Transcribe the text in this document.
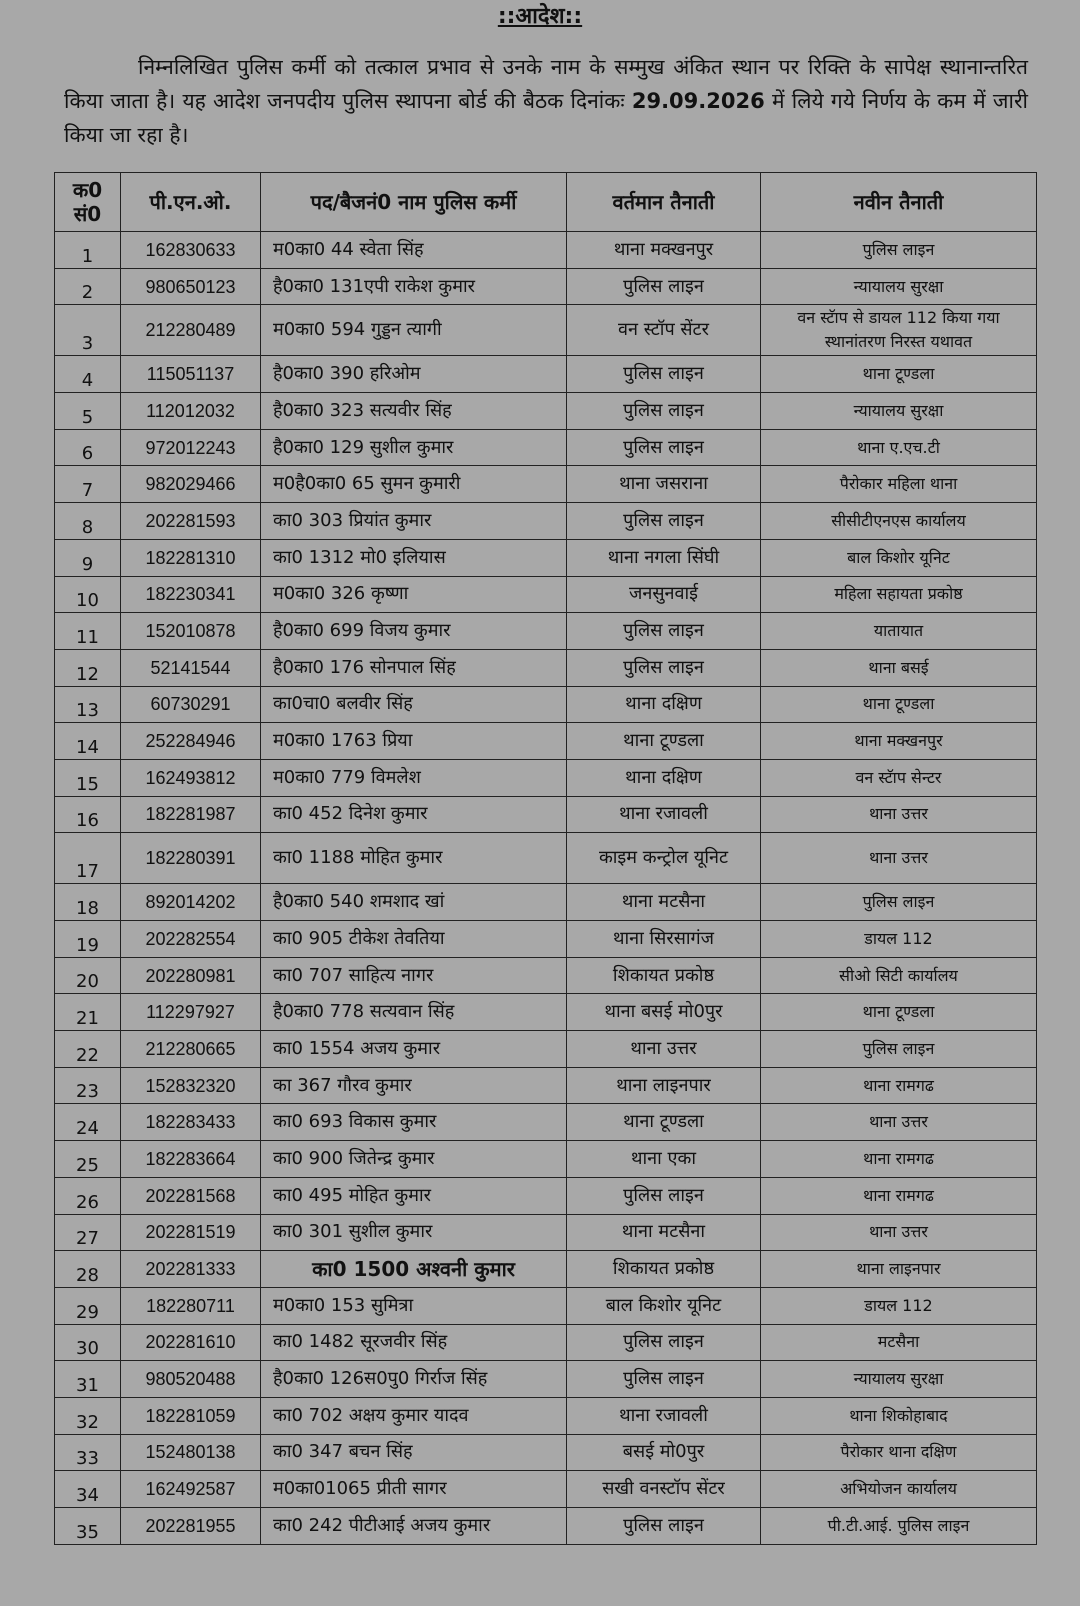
::आदेश::
निम्नलिखित पुलिस कर्मी को तत्काल प्रभाव से उनके नाम के सम्मुख अंकित स्थान पर रिक्ति के सापेक्ष स्थानान्तरित किया जाता है। यह आदेश जनपदीय पुलिस स्थापना बोर्ड की बैठक दिनांकः 29.09.2026 में लिये गये निर्णय के कम में जारी किया जा रहा है।
क0 सं0	पी.एन.ओ.	पद/बैजनं0 नाम पुलिस कर्मी	वर्तमान तैनाती	नवीन तैनाती
1	162830633	म0का0 44 स्वेता सिंह	थाना मक्खनपुर	पुलिस लाइन
2	980650123	है0का0 131एपी राकेश कुमार	पुलिस लाइन	न्यायालय सुरक्षा
3	212280489	म0का0 594 गुड्डन त्यागी	वन स्टॉप सेंटर	वन स्टॅाप से डायल 112 किया गया स्थानांतरण निरस्त यथावत
4	115051137	है0का0 390 हरिओम	पुलिस लाइन	थाना टूण्डला
5	112012032	है0का0 323 सत्यवीर सिंह	पुलिस लाइन	न्यायालय सुरक्षा
6	972012243	है0का0 129 सुशील कुमार	पुलिस लाइन	थाना ए.एच.टी
7	982029466	म0है0का0 65 सुमन कुमारी	थाना जसराना	पैरोकार महिला थाना
8	202281593	का0 303 प्रियांत कुमार	पुलिस लाइन	सीसीटीएनएस कार्यालय
9	182281310	का0 1312 मो0 इलियास	थाना नगला सिंघी	बाल किशोर यूनिट
10	182230341	म0का0 326 कृष्णा	जनसुनवाई	महिला सहायता प्रकोष्ठ
11	152010878	है0का0 699 विजय कुमार	पुलिस लाइन	यातायात
12	52141544	है0का0 176 सोनपाल सिंह	पुलिस लाइन	थाना बसई
13	60730291	का0चा0 बलवीर सिंह	थाना दक्षिण	थाना टूण्डला
14	252284946	म0का0 1763 प्रिया	थाना टूण्डला	थाना मक्खनपुर
15	162493812	म0का0 779 विमलेश	थाना दक्षिण	वन स्टॅाप सेन्टर
16	182281987	का0 452 दिनेश कुमार	थाना रजावली	थाना उत्तर
17	182280391	का0 1188 मोहित कुमार	काइम कन्ट्रोल यूनिट	थाना उत्तर
18	892014202	है0का0 540 शमशाद खां	थाना मटसैना	पुलिस लाइन
19	202282554	का0 905 टीकेश तेवतिया	थाना सिरसागंज	डायल 112
20	202280981	का0 707 साहित्य नागर	शिकायत प्रकोष्ठ	सीओ सिटी कार्यालय
21	112297927	है0का0 778 सत्यवान सिंह	थाना बसई मो0पुर	थाना टूण्डला
22	212280665	का0 1554 अजय कुमार	थाना उत्तर	पुलिस लाइन
23	152832320	का 367 गौरव कुमार	थाना लाइनपार	थाना रामगढ
24	182283433	का0 693 विकास कुमार	थाना टूण्डला	थाना उत्तर
25	182283664	का0 900 जितेन्द्र कुमार	थाना एका	थाना रामगढ
26	202281568	का0 495 मोहित कुमार	पुलिस लाइन	थाना रामगढ
27	202281519	का0 301 सुशील कुमार	थाना मटसैना	थाना उत्तर
28	202281333	का0 1500 अश्वनी कुमार	शिकायत प्रकोष्ठ	थाना लाइनपार
29	182280711	म0का0 153 सुमित्रा	बाल किशोर यूनिट	डायल 112
30	202281610	का0 1482 सूरजवीर सिंह	पुलिस लाइन	मटसैना
31	980520488	है0का0 126स0पु0 गिर्राज सिंह	पुलिस लाइन	न्यायालय सुरक्षा
32	182281059	का0 702 अक्षय कुमार यादव	थाना रजावली	थाना शिकोहाबाद
33	152480138	का0 347 बचन सिंह	बसई मो0पुर	पैरोकार थाना दक्षिण
34	162492587	म0का01065 प्रीती सागर	सखी वनस्टॉप सेंटर	अभियोजन कार्यालय
35	202281955	का0 242 पीटीआई अजय कुमार	पुलिस लाइन	पी.टी.आई. पुलिस लाइन
